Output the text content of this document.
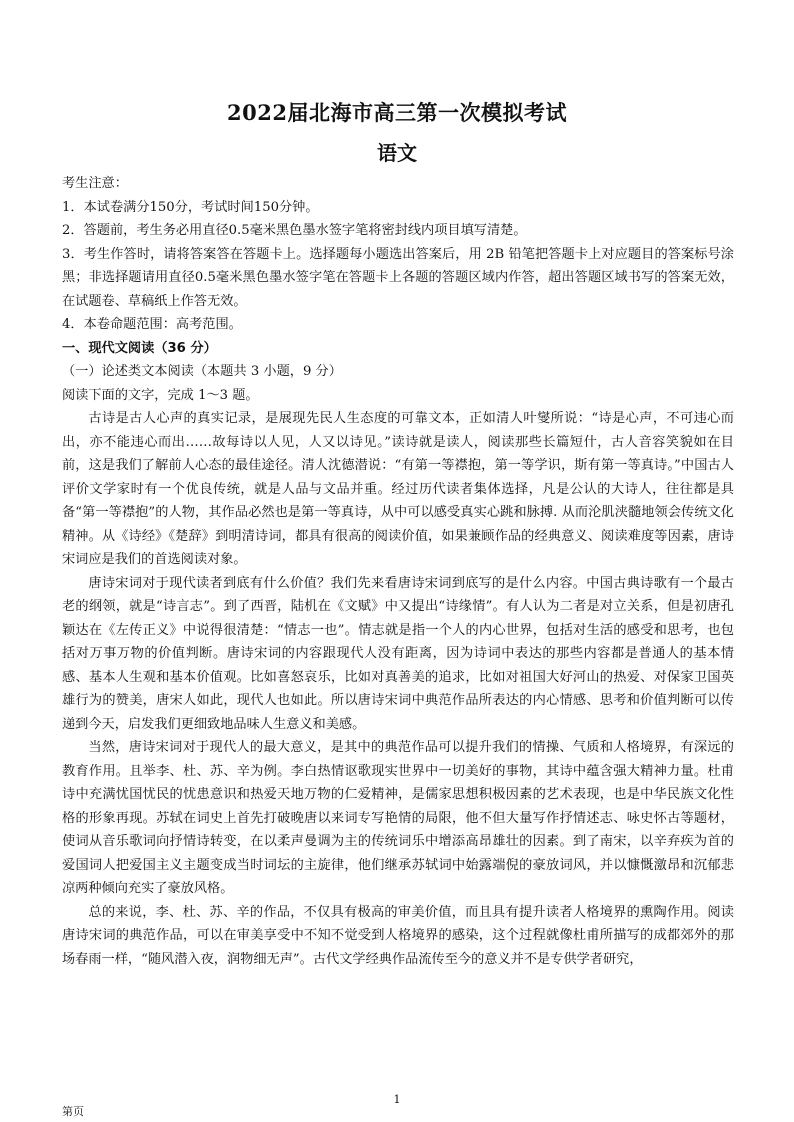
2022届北海市高三第一次模拟考试
语文

考生注意：

1．本试卷满分150分，考试时间150分钟。

2．答题前，考生务必用直径0.5毫米黑色墨水签字笔将密封线内项目填写清楚。

3．考生作答时，请将答案答在答题卡上。选择题每小题选出答案后，用 2B 铅笔把答题卡上对应题目的答案标号涂黑；非选择题请用直径0.5毫米黑色墨水签字笔在答题卡上各题的答题区域内作答，超出答题区域书写的答案无效，在试题卷、草稿纸上作答无效。

4．本卷命题范围：高考范围。

一、现代文阅读（36 分）

（一）论述类文本阅读（本题共 3 小题，9 分）

阅读下面的文字，完成 1～3 题。

古诗是古人心声的真实记录，是展现先民人生态度的可靠文本，正如清人叶燮所说：“诗是心声，不可违心而出，亦不能违心而出……故每诗以人见，人又以诗见。”读诗就是读人，阅读那些长篇短什，古人音容笑貌如在目前，这是我们了解前人心态的最佳途径。清人沈德潜说：“有第一等襟抱，第一等学识，斯有第一等真诗。”中国古人评价文学家时有一个优良传统，就是人品与文品并重。经过历代读者集体选择，凡是公认的大诗人，往往都是具备“第一等襟抱”的人物，其作品必然也是第一等真诗，从中可以感受真实心跳和脉搏. 从而沦肌浃髓地领会传统文化精神。从《诗经》《楚辞》到明清诗词，都具有很高的阅读价值，如果兼顾作品的经典意义、阅读难度等因素，唐诗宋词应是我们的首选阅读对象。

唐诗宋词对于现代读者到底有什么价值？我们先来看唐诗宋词到底写的是什么内容。中国古典诗歌有一个最古老的纲领，就是“诗言志”。到了西晋，陆机在《文赋》中又提出“诗缘情”。有人认为二者是对立关系，但是初唐孔颖达在《左传正义》中说得很清楚：“情志一也”。情志就是指一个人的内心世界，包括对生活的感受和思考，也包括对万事万物的价值判断。唐诗宋词的内容跟现代人没有距离，因为诗词中表达的那些内容都是普通人的基本情感、基本人生观和基本价值观。比如喜怒哀乐，比如对真善美的追求，比如对祖国大好河山的热爱、对保家卫国英雄行为的赞美，唐宋人如此，现代人也如此。所以唐诗宋词中典范作品所表达的内心情感、思考和价值判断可以传递到今天，启发我们更细致地品味人生意义和美感。

当然，唐诗宋词对于现代人的最大意义，是其中的典范作品可以提升我们的情操、气质和人格境界，有深远的教育作用。且举李、杜、苏、辛为例。李白热情讴歌现实世界中一切美好的事物，其诗中蕴含强大精神力量。杜甫诗中充满忧国忧民的忧患意识和热爱天地万物的仁爱精神，是儒家思想积极因素的艺术表现，也是中华民族文化性格的形象再现。苏轼在词史上首先打破晚唐以来词专写艳情的局限，他不但大量写作抒情述志、咏史怀古等题材，使词从音乐歌词向抒情诗转变，在以柔声曼调为主的传统词乐中增添高昂雄壮的因素。到了南宋，以辛弃疾为首的爱国词人把爱国主义主题变成当时词坛的主旋律，他们继承苏轼词中始露端倪的豪放词风，并以慷慨激昂和沉郁悲凉两种倾向充实了豪放风格。

总的来说，李、杜、苏、辛的作品，不仅具有极高的审美价值，而且具有提升读者人格境界的熏陶作用。阅读唐诗宋词的典范作品，可以在审美享受中不知不觉受到人格境界的感染，这个过程就像杜甫所描写的成都郊外的那场春雨一样，“随风潜入夜，润物细无声”。古代文学经典作品流传至今的意义并不是专供学者研究，

1
第页
